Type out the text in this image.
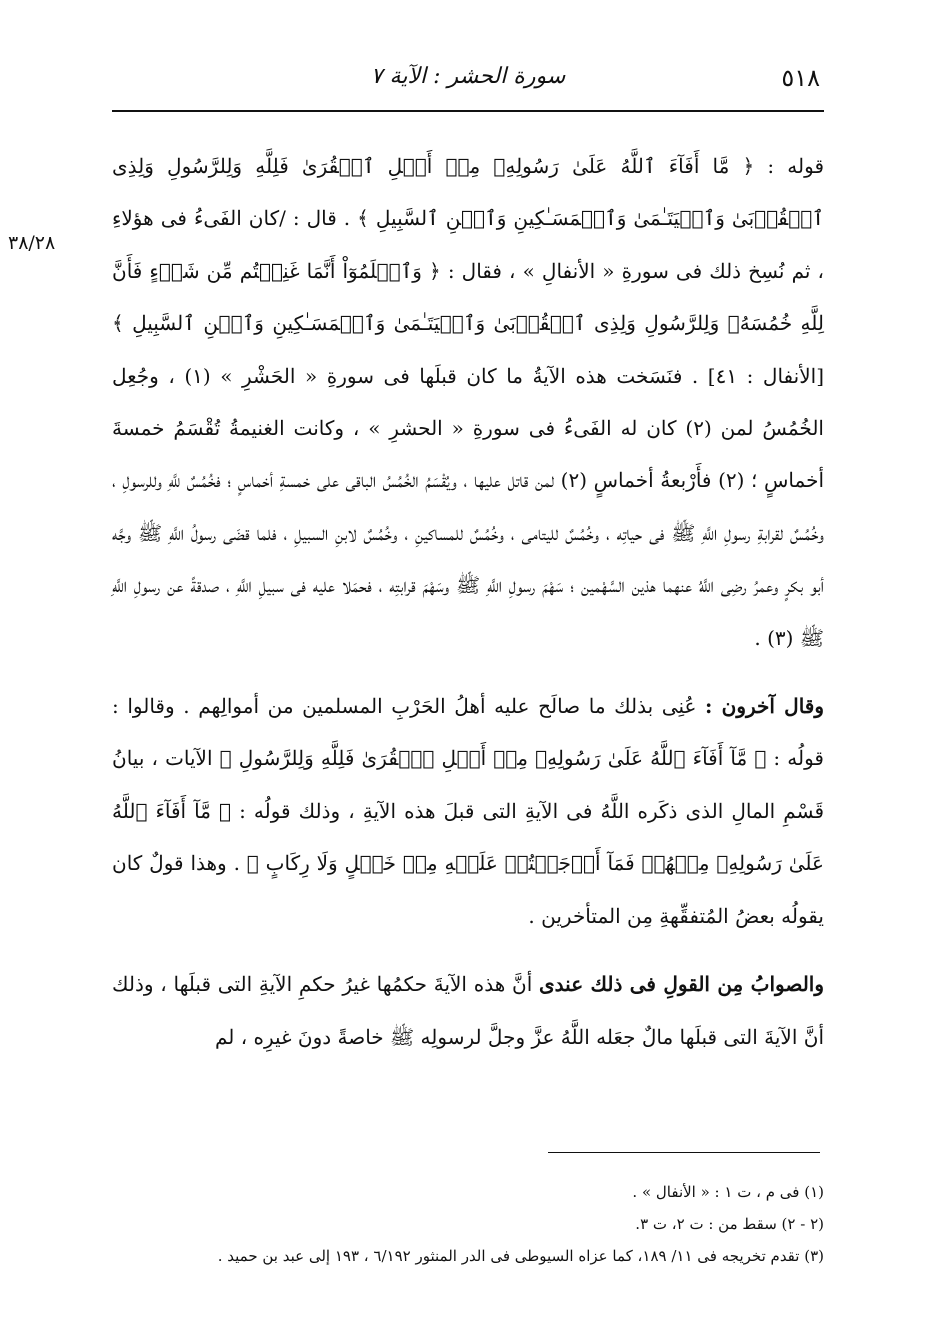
٥١٨
سورة الحشر : الآية ٧
٣٨/٢٨

قوله : ﴿ مَّا أَفَآءَ ٱللَّهُ عَلَىٰ رَسُولِهِۦ مِنۡ أَهۡلِ ٱلۡقُرَىٰ فَلِلَّهِ وَلِلرَّسُولِ وَلِذِى ٱلۡقُرۡبَىٰ وَٱلۡيَتَـٰمَىٰ وَٱلۡمَسَـٰكِينِ وَٱبۡنِ ٱلسَّبِيلِ ﴾ . قال : /كان الفَىءُ فى هؤلاءِ ، ثم نُسِخ ذلك فى سورةِ « الأنفالِ » ، فقال : ﴿ وَٱعۡلَمُوٓاْ أَنَّمَا غَنِمۡتُم مِّن شَىۡءٍ فَأَنَّ لِلَّهِ خُمُسَهُۥ وَلِلرَّسُولِ وَلِذِى ٱلۡقُرۡبَىٰ وَٱلۡيَتَـٰمَىٰ وَٱلۡمَسَـٰكِينِ وَٱبۡنِ ٱلسَّبِيلِ ﴾ [الأنفال : ٤١] . فنَسَخت هذه الآيةُ ما كان قبلَها فى سورةِ « الحَشْرِ » (١) ، وجُعِل الخُمُسُ لمن (٢) كان له الفَىءُ فى سورةِ « الحشرِ » ، وكانت الغنيمةُ تُقْسَمُ خمسةَ أخماسٍ ؛ (٢) فأَرْبعةُ أخماسٍ (٢) لمن قاتل عليها ، ويُقْسَمُ الخُمُسُ الباقى على خمسةِ أخماسٍ ؛ فخُمُسٌ للَّهِ وللرسولِ ، وخُمُسٌ لقرابةِ رسولِ اللَّهِ ﷺ فى حياتِه ، وخُمُسٌ لليتامى ، وخُمُسٌ للمساكينِ ، وخُمُسٌ لابنِ السبيلِ ، فلما قضَى رسولُ اللَّهِ ﷺ وجَّه أبو بكرٍ وعمرُ رضِى اللَّهُ عنهما هذين السَّهْمين ؛ سَهْمَ رسولِ اللَّهِ ﷺ وسَهْمَ قرابتِه ، فحمَلا عليه فى سبيلِ اللَّهِ ، صدقةً عن رسولِ اللَّهِ ﷺ (٣) .

وقال آخرون : عُنِى بذلك ما صالَح عليه أهلُ الحَرْبِ المسلمين من أموالِهم . وقالوا : قولُه : ﴿ مَّآ أَفَآءَ ٱللَّهُ عَلَىٰ رَسُولِهِۦ مِنۡ أَهۡلِ ٱلۡقُرَىٰ فَلِلَّهِ وَلِلرَّسُولِ ﴾ الآيات ، بيانُ قَسْمِ المالِ الذى ذكَره اللَّهُ فى الآيةِ التى قبلَ هذه الآيةِ ، وذلك قولُه : ﴿ مَّآ أَفَآءَ ٱللَّهُ عَلَىٰ رَسُولِهِۦ مِنۡهُمۡ فَمَآ أَوۡجَفۡتُمۡ عَلَيۡهِ مِنۡ خَيۡلٍ وَلَا رِكَابٍ ﴾ . وهذا قولٌ كان يقولُه بعضُ المُتفقِّهةِ مِن المتأخرين .

والصوابُ مِن القولِ فى ذلك عندى أنَّ هذه الآيةَ حكمُها غيرُ حكمِ الآيةِ التى قبلَها ، وذلك أنَّ الآيةَ التى قبلَها مالٌ جعَله اللَّهُ عزَّ وجلَّ لرسولِه ﷺ خاصةً دونَ غيرِه ، لم

(١) فى م ، ت ١ : « الأنفال » .

(٢ - ٢) سقط من : ت ٢، ت ٣.

(٣) تقدم تخريجه فى ١١/ ١٨٩، كما عزاه السيوطى فى الدر المنثور ٦/١٩٢ ، ١٩٣ إلى عبد بن حميد .
